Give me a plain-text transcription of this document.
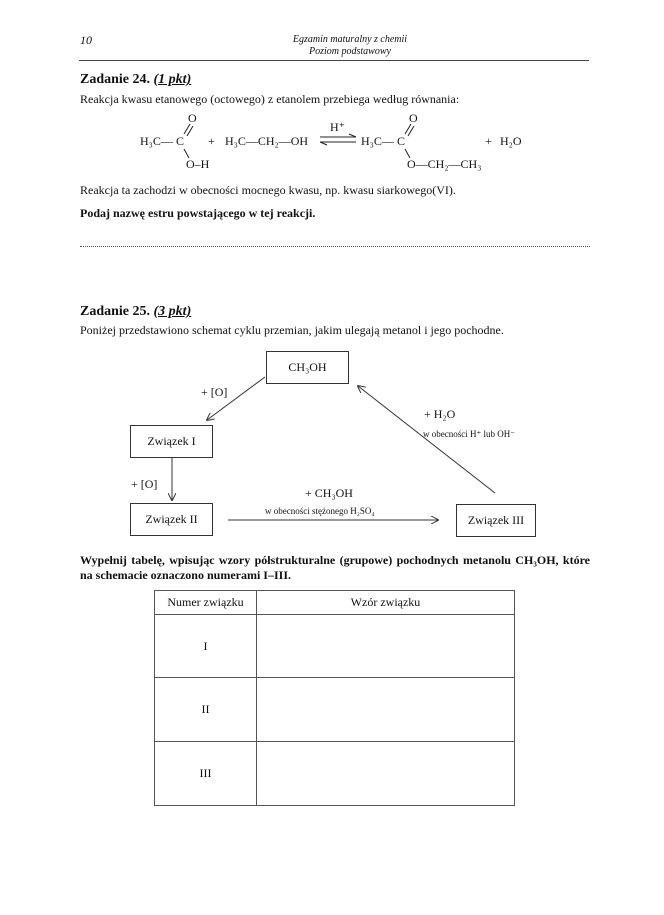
10	Egzamin maturalny z chemii
Poziom podstawowy
Zadanie 24. (1 pkt)
Reakcja kwasu etanowego (octowego) z etanolem przebiega według równania:
H₃C— C
O
O–H
+ H₃C—CH₂—OH
H⁺
⇌ H₃C— C
O
O—CH₂—CH₃
+ H₂O
Reakcja ta zachodzi w obecności mocnego kwasu, np. kwasu siarkowego(VI).
Podaj nazwę estru powstającego w tej reakcji.
Zadanie 25. (3 pkt)
Poniżej przedstawiono schemat cyklu przemian, jakim ulegają metanol i jego pochodne.
CH₃OH
Związek I
Związek II	Związek III
+ [O]
+ [O]
+ CH₃OH
w obecności stężonego H₂SO₄
+ H₂O
w obecności H⁺ lub OH⁻
Wypełnij tabelę, wpisując wzory półstrukturalne (grupowe) pochodnych metanolu CH₃OH, które na schemacie oznaczono numerami I–III.
Numer związku	Wzór związku
I	
II	
III	
